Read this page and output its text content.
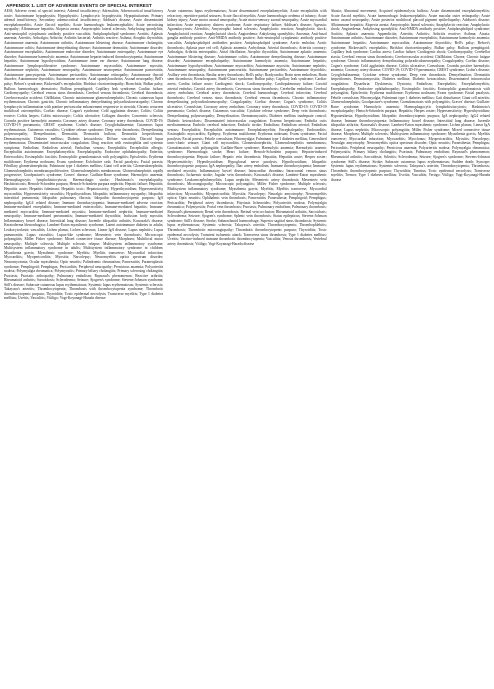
APPENDIX 1. LIST OF ADVERSE EVENTS OF SPECIAL INTEREST

AESI; Adverse event of special interest; Adrenal insufficiency; Adrenalitis; Adrenocortical insufficiency acute; Autoimmune hypophysitis; Hypophysitis; Lymphocytic hypophysitis; Hypopituitarism; Primary adrenal insufficiency; Secondary adrenocortical insufficiency; Addison's disease; Acute disseminated encephalomyelitis; Acute flaccid myelitis; Acute haemorrhagic leukoencephalitis; Acute necrotising myopathy; Alloimmune hepatitis; Alopecia areata; Amyotrophic lateral sclerosis; Ankylosing spondylitis; Anti-neutrophil cytoplasmic antibody positive vasculitis; Antiphospholipid syndrome; Aortitis; Aplastic anaemia; Arteritis; Arthralgia; Arthritis; Arthritis bacterial; Arthritis reactive; Asthma; Atrophic thyroiditis; Autoimmune anaemia; Autoimmune arthritis; Autoimmune blistering disease; Autoimmune cholangitis; Autoimmune colitis; Autoimmune demyelinating disease; Autoimmune dermatitis; Autoimmune disorder; Autoimmune encephalitis; Autoimmune endocrine disorder; Autoimmune enteropathy; Autoimmune eye disorder; Autoimmune haemolytic anaemia; Autoimmune heparin-induced thrombocytopenia; Autoimmune hepatitis; Autoimmune hypothyroidism; Autoimmune inner ear disease; Autoimmune lung disease; Autoimmune lymphoproliferative syndrome; Autoimmune myocarditis; Autoimmune myositis; Autoimmune nephritis; Autoimmune neuropathy; Autoimmune neutropenia; Autoimmune pancreatitis; Autoimmune pancytopenia; Autoimmune pericarditis; Autoimmune retinopathy; Autoimmune thyroid disorder; Autoimmune thyroiditis; Autoimmune uveitis; Axial spondyloarthritis; Axonal neuropathy; Bell's palsy; Behcet's syndrome; Bickerstaff's encephalitis; Birdshot chorioretinopathy; Bronchitis; Bulbar palsy; Bullous haemorrhagic dermatosis; Bullous pemphigoid; Capillary leak syndrome; Cardiac failure; Cardiomyopathy; Cerebral venous sinus thrombosis; Cerebral venous thrombosis; Cerebral thrombosis; Cerebrovascular accident; Chillblains; Chronic autoimmune glomerulonephritis; Chronic cutaneous lupus erythematosus; Chronic gastritis; Chronic inflammatory demyelinating polyradiculoneuropathy; Chronic lymphocytic inflammation with pontine perivascular enhancement responsive to steroids; Chronic recurrent multifocal osteomyelitis; Coeliac disease; Cogan's syndrome; Cold agglutinin disease; Colitis; Colitis erosive; Colitis herpes; Colitis microscopic; Colitis ulcerative; Collagen disorder; Concentric sclerosis; Coombs positive haemolytic anaemia; Coronary artery disease; Coronary artery thrombosis; COVID-19; COVID-19 pneumonia; CREST syndrome; Crohn's disease; Cryoglobulinaemia; Cutaneous lupus erythematosus; Cutaneous vasculitis; Cytokine release syndrome; Deep vein thrombosis; Demyelinating polyneuropathy; Demyelination; Dermatitis; Dermatitis bullous; Dermatitis herpetiformis; Dermatomyositis; Diabetes mellitus; Diabetic ketoacidosis; Diffuse vasculitis; Discoid lupus erythematosus; Disseminated intravascular coagulation; Drug reaction with eosinophilia and systemic symptoms; Embolism; Embolism arterial; Embolism venous; Encephalitis; Encephalitis allergic; Encephalitis autoimmune; Encephalomyelitis; Encephalopathy; Endocrine ophthalmopathy; Enteritis; Enterocolitis; Eosinophilic fasciitis; Eosinophilic granulomatosis with polyangiitis; Episcleritis; Erythema multiforme; Erythema nodosum; Evans syndrome; Exfoliative rash; Facial paralysis; Facial paresis; Fibrillary glomerulonephritis; Fulminant type 1 diabetes mellitus; Giant cell arteritis; Glomerulonephritis; Glomerulonephritis membranoproliferative; Glomerulonephritis membranous; Glomerulonephritis rapidly progressive; Goodpasture's syndrome; Graves' disease; Guillain-Barre syndrome; Haemolytic anaemia; Haemophagocytic lymphohistiocytosis; Haemorrhagic stroke; Hashimoto's encephalopathy; Hashitoxicosis; Henoch-Schonlein purpura; Henoch-Schonlein purpura nephritis; Hepatic failure; Hepatitis; Hepatitis acute; Hepatitis fulminant; Hepatitis toxic; Hepatotoxicity; Hyperthyroidism; Hypersensitivity myocarditis; Hypersensitivity vasculitis; Hypothyroidism; Idiopathic inflammatory myopathy; Idiopathic interstitial pneumonia; Idiopathic pulmonary fibrosis; Idiopathic thrombocytopenic purpura; IgA nephropathy; IgG4 related disease; Immune thrombocytopenia; Immune-mediated adverse reaction; Immune-mediated encephalitis; Immune-mediated enterocolitis; Immune-mediated hepatitis; Immune-mediated myocarditis; Immune-mediated myositis; Immune-mediated nephritis; Immune-mediated neuropathy; Immune-mediated pneumonitis; Immune-mediated thyroiditis; Inclusion body myositis; Inflammatory bowel disease; Interstitial lung disease; Juvenile idiopathic arthritis; Kawasaki's disease; Keratoderma blenorrhagica; Lambert-Eaton myasthenic syndrome; Latent autoimmune diabetes in adults; Leukocytoclastic vasculitis; Lichen planus; Lichen sclerosus; Linear IgA disease; Lupus nephritis; Lupus pneumonitis; Lupus vasculitis; Lupus-like syndrome; Mesenteric vein thrombosis; Microscopic polyangiitis; Miller Fisher syndrome; Mixed connective tissue disease; Morphoea; Multifocal motor neuropathy; Multiple sclerosis; Multiple sclerosis relapse; Multisystem inflammatory syndrome; Multisystem inflammatory syndrome in adults; Multisystem inflammatory syndrome in children; Myasthenia gravis; Myasthenic syndrome; Myelitis; Myelitis transverse; Myocardial infarction; Myocarditis; Myopericarditis; Myositis; Narcolepsy; Neuromyelitis optica spectrum disorder; Neuromyotonia; Ocular myasthenia; Optic neuritis; Palindromic rheumatism; Pancreatitis; Paraneoplastic syndrome; Pemphigoid; Pemphigus; Pericarditis; Peripheral neuropathy; Pernicious anaemia; Polyarteritis nodosa; Polymyalgia rheumatica; Polymyositis; Primary biliary cholangitis; Primary sclerosing cholangitis; Psoriasis; Psoriatic arthropathy; Pulmonary embolism; Raynaud's phenomenon; Reactive arthritis; Rheumatoid arthritis; Sarcoidosis; Scleroderma; Seizure; Sjogren's syndrome; Stevens-Johnson syndrome; Still's disease; Subacute cutaneous lupus erythematosus; Systemic lupus erythematosus; Systemic sclerosis; Takayasu's arteritis; Thrombocytopenia; Thrombosis with thrombocytopenia syndrome; Thrombotic thrombocytopenic purpura; Thyroiditis; Toxic epidermal necrolysis; Transverse myelitis; Type 1 diabetes mellitus; Uveitis; Vasculitis; Vitiligo; Vogt-Koyanagi-Harada disease

Acute cutaneous lupus erythematosus; Acute disseminated encephalomyelitis; Acute encephalitis with refractory, repetitive partial seizures; Acute flaccid myelitis; Acute haemorrhagic oedema of infancy; Acute kidney injury; Acute motor axonal neuropathy; Acute motor-sensory axonal neuropathy; Acute myocardial infarction; Acute respiratory distress syndrome; Acute respiratory failure; Addison's disease; Ageusia; Agranulocytosis; Alveolitis; Amyotrophic lateral sclerosis; Anaphylactic reaction; Anaphylactic shock; Anaphylactoid reaction; Anaphylactoid shock; Angioedema; Ankylosing spondylitis; Anosmia; Anti-basal ganglia antibody positive; Anti-NMDA antibody positive; Anti-neutrophil cytoplasmic antibody positive vasculitis; Antiphospholipid antibodies positive; Antiphospholipid syndrome; Aortic embolus; Aortic thrombosis; Aplasia pure red cell; Aplastic anaemia; Arrhythmia; Arterial thrombosis; Arteritis coronary; Arthralgia; Arthritis enteropathic; Atrial fibrillation; Atrophic thyroiditis; Autoimmune aplastic anaemia; Autoimmune blistering disease; Autoimmune colitis; Autoimmune demyelinating disease; Autoimmune disorder; Autoimmune encephalopathy; Autoimmune haemolytic anaemia; Autoimmune hepatitis; Autoimmune hypothyroidism; Autoimmune myocarditis; Autoimmune myositis; Autoimmune nephritis; Autoimmune neuropathy; Autoimmune pancreatitis; Autoimmune pericarditis; Autoimmune thyroiditis; Axillary vein thrombosis; Basilar artery thrombosis; Bell's palsy; Bradycardia; Brain stem embolism; Brain stem thrombosis; Bronchospasm; Budd-Chiari syndrome; Bulbar palsy; Capillary leak syndrome; Cardiac arrest; Cardiac failure acute; Cardiogenic shock; Cardiomyopathy; Cardiopulmonary failure; Carotid arterial embolus; Carotid artery thrombosis; Cavernous sinus thrombosis; Cerebellar embolism; Cerebral artery embolism; Cerebral artery thrombosis; Cerebral haemorrhage; Cerebral infarction; Cerebral thrombosis; Cerebral venous sinus thrombosis; Cerebral venous thrombosis; Chronic inflammatory demyelinating polyradiculoneuropathy; Coagulopathy; Coeliac disease; Cogan's syndrome; Colitis ulcerative; Convulsion; Coronary artery embolism; Coronary artery thrombosis; COVID-19; COVID-19 pneumonia; Crohn's disease; Cutaneous vasculitis; Cytokine release syndrome; Deep vein thrombosis; Demyelinating polyneuropathy; Demyelination; Dermatomyositis; Diabetes mellitus inadequate control; Diabetic ketoacidosis; Disseminated intravascular coagulation; Eczema herpeticum; Embolia cutis medicamentosa; Embolic cerebral infarction; Embolic stroke; Embolism; Embolism arterial; Embolism venous; Encephalitis; Encephalitis autoimmune; Encephalomyelitis; Encephalopathy; Endocarditis; Eosinophilic myocarditis; Epilepsy; Erythema multiforme; Erythema nodosum; Evans syndrome; Facial paralysis; Facial paresis; Febrile convulsion; Fibromyalgia; Fulminant type 1 diabetes mellitus; Generalised tonic-clonic seizure; Giant cell myocarditis; Glomerulonephritis; Glomerulonephritis membranous; Granulomatosis with polyangiitis; Guillain-Barre syndrome; Haemolytic anaemia; Haemolytic uraemic syndrome; Haemorrhagic stroke; Heart failure; Henoch-Schonlein purpura; Heparin-induced thrombocytopenia; Hepatic failure; Hepatic vein thrombosis; Hepatitis; Hepatitis acute; Herpes zoster; Hypersensitivity; Hyperthyroidism; Hypoglossal nerve paralysis; Hypothyroidism; Idiopathic thrombocytopenic purpura; IgA nephropathy; Iliac artery embolism; Immune thrombocytopenia; Immune-mediated myositis; Inflammatory bowel disease; Intracardiac thrombus; Intracranial venous sinus thrombosis; Ischaemic stroke; Jugular vein thrombosis; Kawasaki's disease; Lambert-Eaton myasthenic syndrome; Leukoencephalomyelitis; Lupus nephritis; Mesenteric artery thrombosis; Mesenteric vein thrombosis; Microangiopathy; Microscopic polyangiitis; Miller Fisher syndrome; Multiple sclerosis; Multisystem inflammatory syndrome; Myasthenia gravis; Myelitis; Myelitis transverse; Myocardial infarction; Myocarditis; Myopericarditis; Myositis; Narcolepsy; Neuralgic amyotrophy; Neuromyelitis optica; Optic neuritis; Ophthalmic vein thrombosis; Pancreatitis; Paraesthesia; Pemphigoid; Pemphigus; Pericarditis; Peripheral artery thrombosis; Pityriasis lichenoides; Polyarteritis nodosa; Polymyalgia rheumatica; Polymyositis; Portal vein thrombosis; Psoriasis; Pulmonary embolism; Pulmonary thrombosis; Raynaud's phenomenon; Renal vein thrombosis; Retinal vein occlusion; Rheumatoid arthritis; Sarcoidosis; Scleroderma; Seizure; Sjogren's syndrome; Splenic vein thrombosis; Status epilepticus; Stevens-Johnson syndrome; Still's disease; Stroke; Subarachnoid haemorrhage; Superior sagittal sinus thrombosis; Systemic lupus erythematosus; Systemic sclerosis; Takayasu's arteritis; Thrombocytopenia; Thrombophlebitis; Thrombosis; Thrombotic microangiopathy; Thrombotic thrombocytopenic purpura; Thyroiditis; Toxic epidermal necrolysis; Transient ischaemic attack; Transverse sinus thrombosis; Type 1 diabetes mellitus; Uveitis; Vaccine-induced immune thrombotic thrombocytopenia; Vasculitis; Venous thrombosis; Vertebral artery thrombosis; Vitiligo; Vogt-Koyanagi-Harada disease

Abasia; Abnormal movement; Acquired epidermolysis bullosa; Acute disseminated encephalomyelitis; Acute flaccid myelitis; Acute haemorrhagic leukoencephalitis; Acute macular outer retinopathy; Acute motor axonal neuropathy; Acute posterior multifocal placoid pigment epitheliopathy; Addison's disease; Alloimmune hepatitis; Alopecia areata; Amyotrophic lateral sclerosis; Anaphylactic reaction; Anaphylactic shock; Angioedema; Ankylosing spondylitis; Anti-NMDA antibody positive; Antiphospholipid syndrome; Aortitis; Aplastic anaemia; Appendicitis; Arteritis; Arthritis; Arthritis reactive; Asthma; Ataxia; Autoimmune arthritis; Autoimmune disorder; Autoimmune encephalitis; Autoimmune haemolytic anaemia; Autoimmune hepatitis; Autoimmune myocarditis; Autoimmune thyroiditis; Bell's palsy; Behcet's syndrome; Bickerstaff's encephalitis; Birdshot chorioretinopathy; Bulbar palsy; Bullous pemphigoid; Capillary leak syndrome; Cardiac arrest; Cardiac failure; Cardiogenic shock; Cardiomyopathy; Cerebellar ataxia; Cerebral venous sinus thrombosis; Cerebrovascular accident; Chillblains; Chorea; Chronic fatigue syndrome; Chronic inflammatory demyelinating polyradiculoneuropathy; Coagulopathy; Coeliac disease; Cogan's syndrome; Cold agglutinin disease; Colitis ulcerative; Convulsion; Coombs positive haemolytic anaemia; Coronary artery disease; COVID-19; COVID-19 pneumonia; CREST syndrome; Crohn's disease; Cryoglobulinaemia; Cytokine release syndrome; Deep vein thrombosis; Demyelination; Dermatitis herpetiformis; Dermatomyositis; Diabetes mellitus; Diabetic ketoacidosis; Disseminated intravascular coagulation; Dysarthria; Dyskinesia; Dystonia; Embolism; Encephalitis; Encephalomyelitis; Encephalopathy; Endocrine ophthalmopathy; Eosinophilic fasciitis; Eosinophilic granulomatosis with polyangiitis; Episcleritis; Erythema multiforme; Erythema nodosum; Evans syndrome; Facial paralysis; Febrile convulsion; Fibromyalgia; Fulminant type 1 diabetes mellitus; Gait disturbance; Giant cell arteritis; Glomerulonephritis; Goodpasture's syndrome; Granulomatosis with polyangiitis; Graves' disease; Guillain-Barre syndrome; Haemolytic anaemia; Haemophagocytic lymphohistiocytosis; Hashimoto's encephalopathy; Henoch-Schonlein purpura; Hepatitis; Herpes zoster; Hypersensitivity; Hyperthyroidism; Hypoaesthesia; Hypothyroidism; Idiopathic thrombocytopenic purpura; IgA nephropathy; IgG4 related disease; Immune thrombocytopenia; Inflammatory bowel disease; Interstitial lung disease; Juvenile idiopathic arthritis; Kawasaki's disease; Lambert-Eaton myasthenic syndrome; Lichen planus; Linear IgA disease; Lupus nephritis; Microscopic polyangiitis; Miller Fisher syndrome; Mixed connective tissue disease; Morphoea; Multiple sclerosis; Multisystem inflammatory syndrome; Myasthenia gravis; Myelitis transverse; Myocardial infarction; Myocarditis; Myoclonus; Myopericarditis; Myositis; Narcolepsy; Neuralgic amyotrophy; Neuromyelitis optica spectrum disorder; Optic neuritis; Paraesthesia; Pemphigus; Pericarditis; Peripheral neuropathy; Pernicious anaemia; Polyarteritis nodosa; Polymyalgia rheumatica; Polymyositis; Primary biliary cholangitis; Psoriasis; Pulmonary embolism; Raynaud's phenomenon; Rheumatoid arthritis; Sarcoidosis; Scleritis; Scleroderma; Seizure; Sjogren's syndrome; Stevens-Johnson syndrome; Still's disease; Stroke; Subacute cutaneous lupus erythematosus; Sudden death; Syncope; Systemic lupus erythematosus; Systemic sclerosis; Takayasu's arteritis; Thrombocytopenia; Thrombosis; Thrombotic thrombocytopenic purpura; Thyroiditis; Tinnitus; Toxic epidermal necrolysis; Transverse myelitis; Tremor; Type 1 diabetes mellitus; Uveitis; Vasculitis; Vertigo; Vitiligo; Vogt-Koyanagi-Harada disease
